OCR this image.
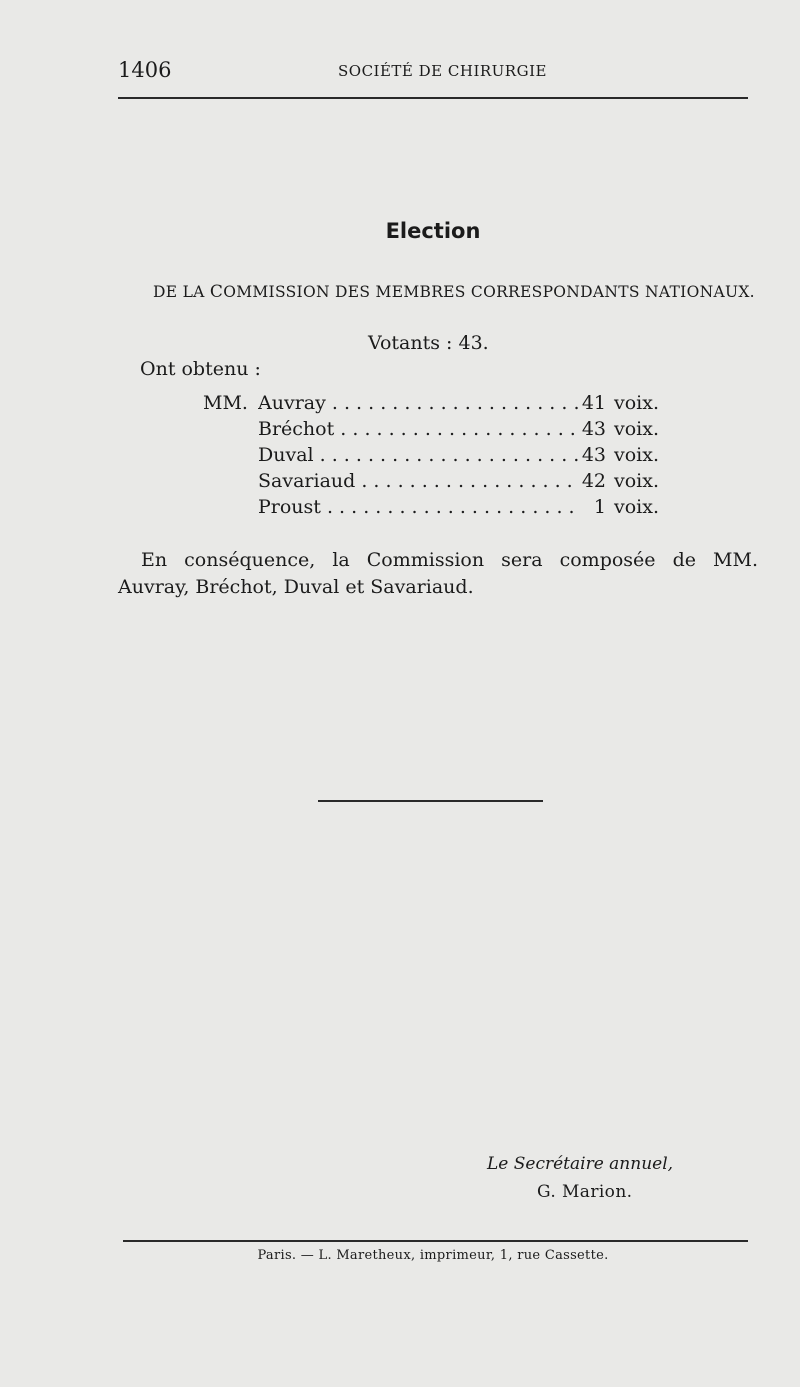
1406	SOCIÉTÉ DE CHIRURGIE
Election
DE LA COMMISSION DES MEMBRES CORRESPONDANTS NATIONAUX.
Votants : 43.
Ont obtenu :
MM. Auvray . . .	41 voix.
Bréchot . . .	43 voix.
Duval . . .	43 voix.
Savariaud . . .	42 voix.
Proust . . .	1 voix.

En conséquence, la Commission sera composée de MM. Auvray, Bréchot, Duval et Savariaud.

Le Secrétaire annuel,
G. Marion.
Paris. — L. Maretheux, imprimeur, 1, rue Cassette.
